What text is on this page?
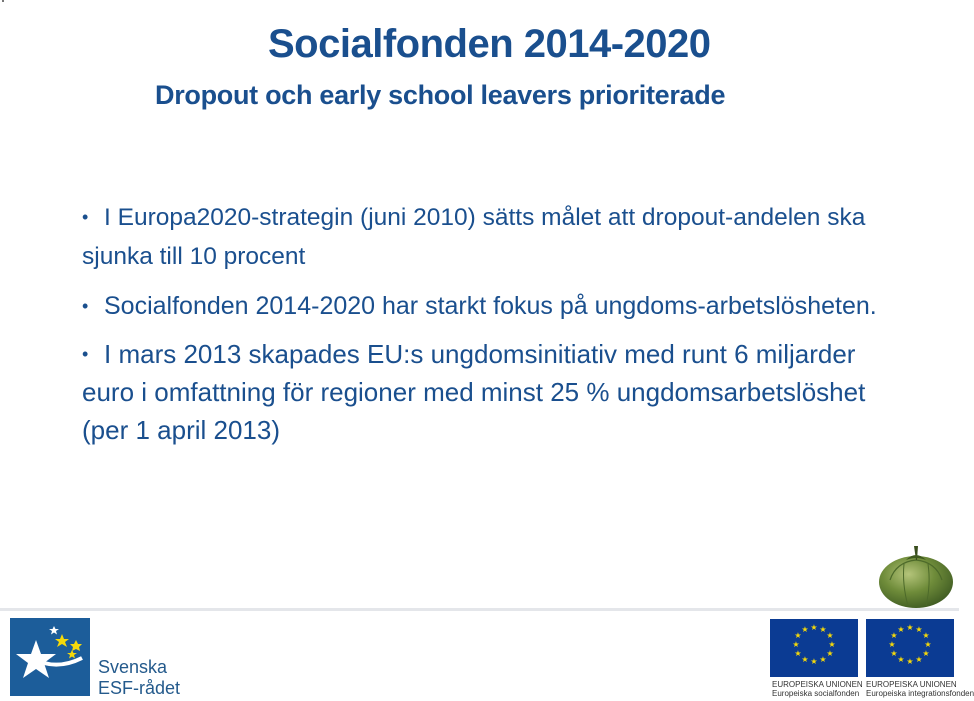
Socialfonden 2014-2020
Dropout och early school leavers prioriterade
• I Europa2020-strategin (juni 2010) sätts målet att dropout-andelen ska sjunka till 10 procent
• Socialfonden 2014-2020 har starkt fokus på ungdoms-arbetslösheten.
• I mars 2013 skapades EU:s ungdomsinitiativ med runt 6 miljarder euro i omfattning för regioner med minst 25 % ungdomsarbetslöshet (per 1 april 2013)
Svenska
ESF-rådet
★ ★
★
★
★
★
★
★
★
★
★
★
EUROPEISKA UNIONEN
Europeiska socialfonden
★ ★
★
★
★
★
★
★
★
★
★
★
EUROPEISKA UNIONEN
Europeiska integrationsfonden
